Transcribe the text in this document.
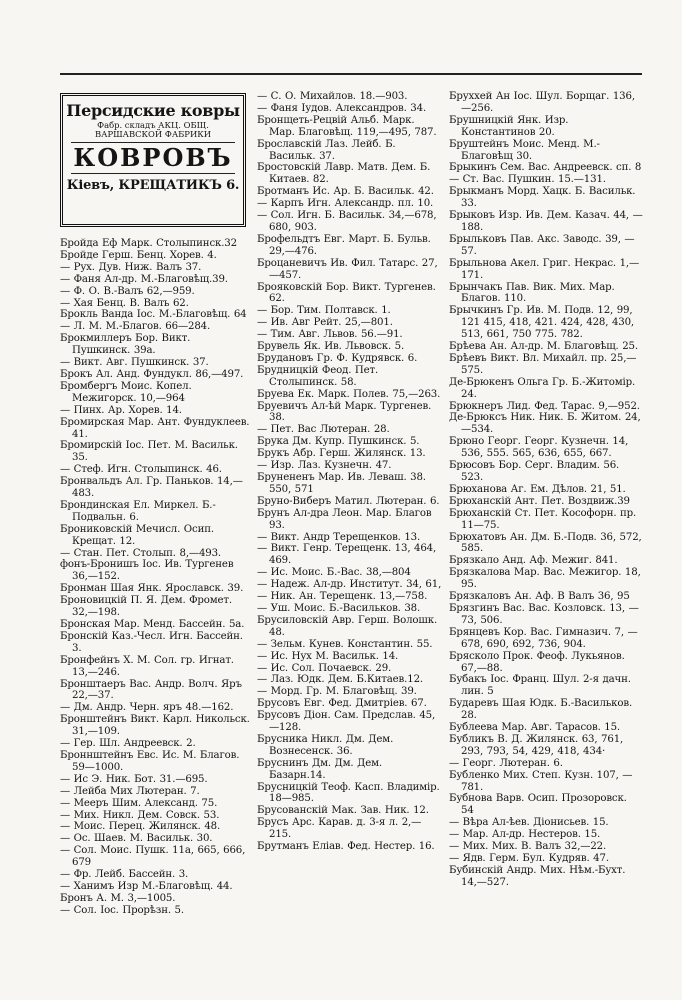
Персидские ковры
Фабр. складъ АКЦ. ОБЩ. ВАРШАВСКОЙ ФАБРИКИ
КОВРОВЪ
Кіевъ, КРЕЩАТИКЪ 6.
Бройда Еф Марк. Столыпинск.32
Бройде Герш. Бенц. Хорев. 4.
— Рух. Дув. Ниж. Валъ 37.
— Фаня Ал-др. М.-Благовѣщ.39.
— Ф. О. В.-Валъ 62,—959.
— Хая Бенц. В. Валъ 62.
Брокль Ванда Іос. М.-Благовѣщ. 64
— Л. М. М.-Благов. 66—284.
Брокмиллеръ Бор. Викт. Пушкинск. 39а.
— Викт. Авг. Пушкинск. 37.
Брокъ Ал. Анд. Фундукл. 86,—497.
Бромбергъ Моис. Копел. Межигорск. 10,—964
— Пинх. Ар. Хорев. 14.
Бромирская Мар. Ант. Фундуклеев. 41.
Бромирскій Іос. Пет. М. Васильк. 35.
— Стеф. Игн. Столыпинск. 46.
Бронвальдъ Ал. Гр. Паньков. 14,—483.
Брондинская Ел. Миркел. Б.-Подвальн. 6.
Брониковскій Мечисл. Осип. Крещат. 12.
— Стан. Пет. Столып. 8,—493.
фонъ-Бронишъ Іос. Ив. Тургенев 36,—152.
Бронман Шая Янк. Ярославск. 39.
Броновицкій П. Я. Дем. Фромет. 32,—198.
Бронская Мар. Менд. Бассейн. 5а.
Бронскій Каз.-Чесл. Игн. Бассейн. 3.
Бронфейнъ Х. М. Сол. гр. Игнат. 13,—246.
Бронштаеръ Вас. Андр. Волч. Яръ 22,—37.
— Дм. Андр. Черн. яръ 48.—162.
Бронштейнъ Викт. Карл. Никольск. 31,—109.
— Гер. Шл. Андреевск. 2.
Броннштейнъ Евс. Ис. М. Благов. 59—1000.
— Ис Э. Ник. Бот. 31.—695.
— Лейба Мих Лютеран. 7.
— Мееръ Шим. Александ. 75.
— Мих. Никл. Дем. Совск. 53.
— Моис. Перец. Жилянск. 48.
— Ос. Шаев. М. Васильк. 30.
— Сол. Моис. Пушк. 11а, 665, 666, 679
— Фр. Лейб. Бассейн. 3.
— Ханимъ Изр М.-Благовѣщ. 44.
Бронъ А. М. 3,—1005.
— Сол. Іос. Прорѣзн. 5.
— С. О. Михайлов. 18.—903.
— Фаня Іудов. Александров. 34.
Бронщеть-Рецвій Альб. Марк. Мар. Благовѣщ. 119,—495, 787.
Брославскій Лаз. Лейб. Б. Васильк. 37.
Бростовскій Лавр. Матв. Дем. Б. Китаев. 82.
Бротманъ Ис. Ар. Б. Васильк. 42.
— Карпъ Игн. Александр. пл. 10.
— Сол. Игн. Б. Васильк. 34,—678, 680, 903.
Брофельдтъ Евг. Март. Б. Бульв. 29,—476.
Броцаневичъ Ив. Фил. Татарс. 27,—457.
Брояковскій Бор. Викт. Тургенев. 62.
— Бор. Тим. Полтавск. 1.
— Ив. Авг Рейт. 25,—801.
— Тим. Авг. Львов. 56.—91.
Брувель Як. Ив. Львовск. 5.
Брудановъ Гр. Ф. Кудрявск. 6.
Брудницкій Феод. Пет. Столыпинск. 58.
Бруева Ек. Марк. Полев. 75,—263.
Бруевичъ Ал-ѣй Марк. Тургенев. 38.
— Пет. Вас Лютеран. 28.
Брука Дм. Купр. Пушкинск. 5.
Брукъ Абр. Герш. Жилянск. 13.
— Изр. Лаз. Кузнечн. 47.
Брунененъ Мар. Ив. Леваш. 38. 550, 571
Бруно-Виберъ Матил. Лютеран. 6.
Брунъ Ал-дра Леон. Мар. Благов 93.
— Викт. Андр Терещенков. 13.
— Викт. Генр. Терещенк. 13, 464, 469.
— Ис. Моис. Б.-Вас. 38,—804
— Надеж. Ал-др. Институт. 34, 61,
— Ник. Ан. Терещенк. 13,—758.
— Уш. Моис. Б.-Васильков. 38.
Брусиловскій Авр. Герш. Волошк. 48.
— Зельм. Кунев. Константин. 55.
— Ис. Нух М. Васильк. 14.
— Ис. Сол. Почаевск. 29.
— Лаз. Юдк. Дем. Б.Китаев.12.
— Морд. Гр. М. Благовѣщ. 39.
Брусовъ Евг. Фед. Дмитріев. 67.
Брусовъ Діон. Сам. Предслав. 45,—128.
Брусника Никл. Дм. Дем. Вознесенск. 36.
Бруснинъ Дм. Дм. Дем. Базарн.14.
Брусницкій Теоф. Касп. Владимір. 18—985.
Брусованскій Мак. Зав. Ник. 12.
Брусъ Арс. Карав. д. 3-я л. 2,—215.
Брутманъ Еліав. Фед. Нестер. 16.
Бруххей Ан Іос. Шул. Борщаг. 136,—256.
Брушницкій Янк. Изр. Константинов 20.
Бруштейнъ Моис. Менд. М.-Благовѣщ 30.
Брыкинъ Сем. Вас. Андреевск. сп. 8
— Ст. Вас. Пушкин. 15.—131.
Брыкманъ Морд. Хацк. Б. Васильк. 33.
Брыковъ Изр. Ив. Дем. Казач. 44, —188.
Брыльковъ Пав. Акс. Заводс. 39, —57.
Брыльнова Акел. Григ. Некрас. 1,—171.
Брынчакъ Пав. Вик. Мих. Мар. Благов. 110.
Брычкинъ Гр. Ив. М. Подв. 12, 99, 121 415, 418, 421. 424, 428, 430, 513, 661, 750 775. 782.
Брѣева Ан. Ал-др. М. Благовѣщ. 25.
Брѣевъ Викт. Вл. Михайл. пр. 25,—575.
Де-Брюкенъ Ольга Гр. Б.-Житомір. 24.
Брюкнеръ Лид. Фед. Тарас. 9,—952.
Де-Брюксъ Ник. Ник. Б. Житом. 24,—534.
Брюно Георг. Георг. Кузнечн. 14, 536, 555. 565, 636, 655, 667.
Брюсовъ Бор. Серг. Владим. 56. 523.
Брюханова Аг. Ем. Дѣлов. 21, 51.
Брюханскій Ант. Пет. Воздвиж.39
Брюханскій Ст. Пет. Кософорн. пр. 11—75.
Брюхатовъ Ан. Дм. Б.-Подв. 36, 572, 585.
Брязкало Анд. Аф. Межиг. 841.
Брязкалова Мар. Вас. Межигор. 18, 95.
Брязкаловъ Ан. Аф. В Валъ 36, 95
Брязгинъ Вас. Вас. Козловск. 13, —73, 506.
Брянцевъ Кор. Вас. Гимназич. 7, —678, 690, 692, 736, 904.
Брясколо Прок. Феоф. Лукьянов. 67,—88.
Бубакъ Іос. Франц. Шул. 2-я дачн. лин. 5
Бударевъ Шая Юдк. Б.-Васильков. 28.
Бублеева Мар. Авг. Тарасов. 15.
Бубликъ В. Д. Жилянск. 63, 761, 293, 793, 54, 429, 418, 434·
— Георг. Лютеран. 6.
Бубленко Мих. Степ. Кузн. 107, —781.
Бубнова Варв. Осип. Прозоровск. 54
— Вѣра Ал-ѣев. Діонисьев. 15.
— Мар. Ал-др. Нестеров. 15.
— Мих. Мих. В. Валъ 32,—22.
— Ядв. Герм. Бул. Кудряв. 47.
Бубинскій Андр. Мих. Нѣм.-Бухт. 14,—527.
